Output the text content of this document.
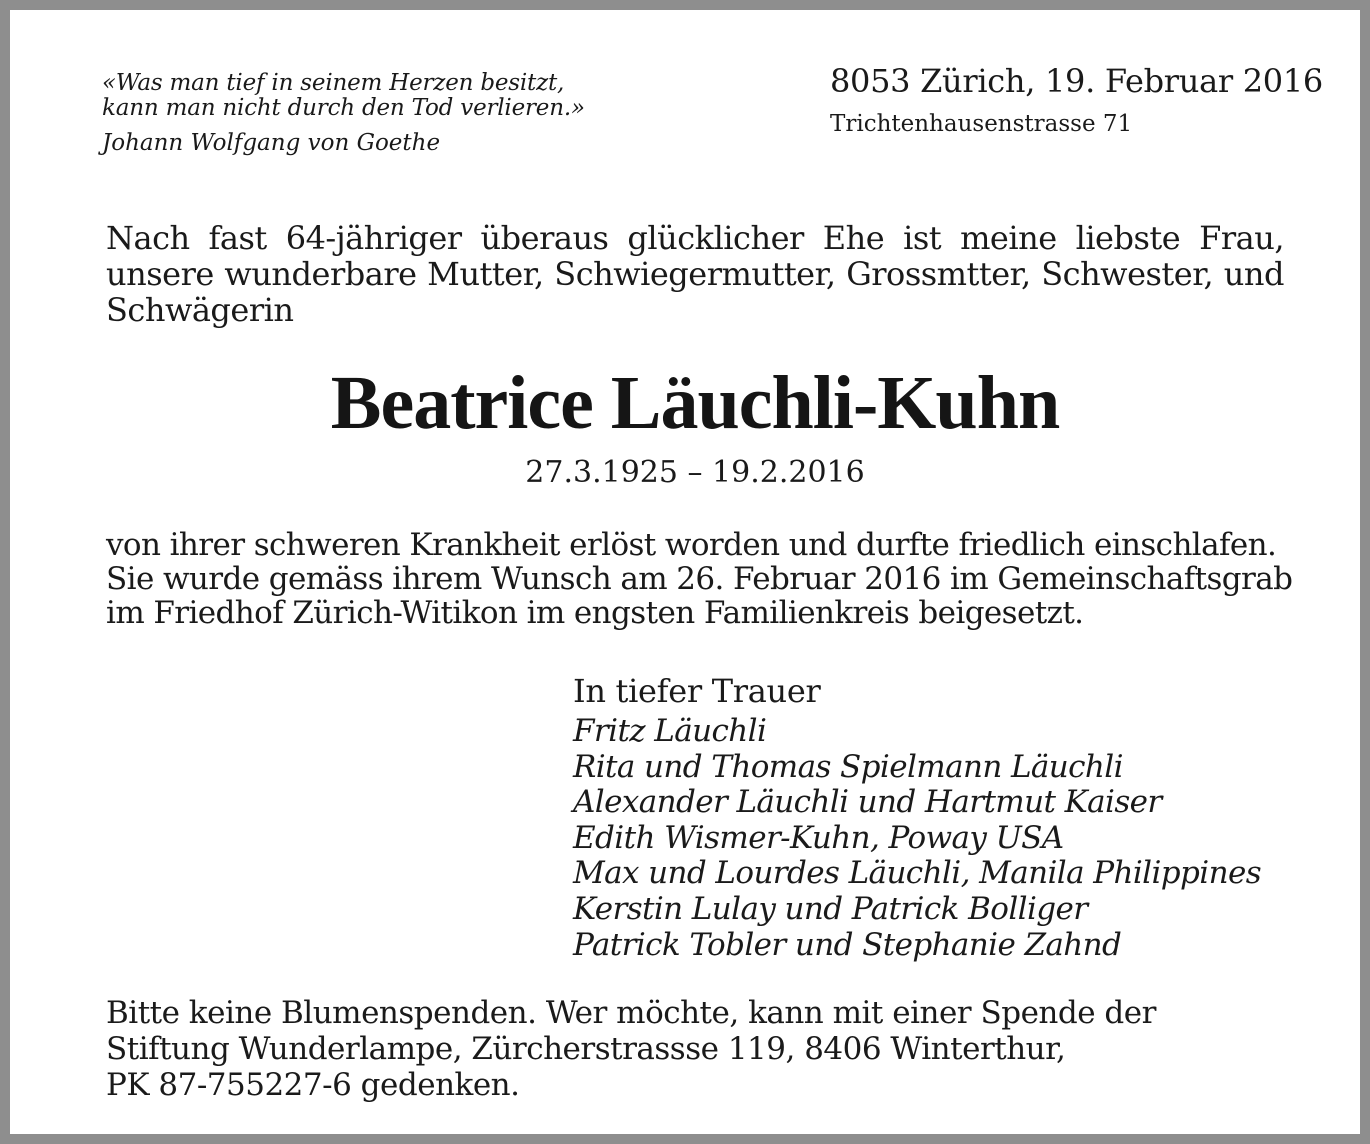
«Was man tief in seinem Herzen besitzt,
kann man nicht durch den Tod verlieren.»
Johann Wolfgang von Goethe
8053 Zürich, 19. Februar 2016
Trichtenhausenstrasse 71
Nach fast 64-jähriger überaus glücklicher Ehe ist meine liebste Frau,
unsere wunderbare Mutter, Schwiegermutter, Grossmtter, Schwester, und
Schwägerin
Beatrice Läuchli-Kuhn
27.3.1925 – 19.2.2016
von ihrer schweren Krankheit erlöst worden und durfte friedlich einschlafen.
Sie wurde gemäss ihrem Wunsch am 26. Februar 2016 im Gemeinschaftsgrab
im Friedhof Zürich-Witikon im engsten Familienkreis beigesetzt.
In tiefer Trauer
Fritz Läuchli
Rita und Thomas Spielmann Läuchli
Alexander Läuchli und Hartmut Kaiser
Edith Wismer-Kuhn, Poway USA
Max und Lourdes Läuchli, Manila Philippines
Kerstin Lulay und Patrick Bolliger
Patrick Tobler und Stephanie Zahnd
Bitte keine Blumenspenden. Wer möchte, kann mit einer Spende der
Stiftung Wunderlampe, Zürcherstrassse 119, 8406 Winterthur,
PK 87-755227-6 gedenken.
